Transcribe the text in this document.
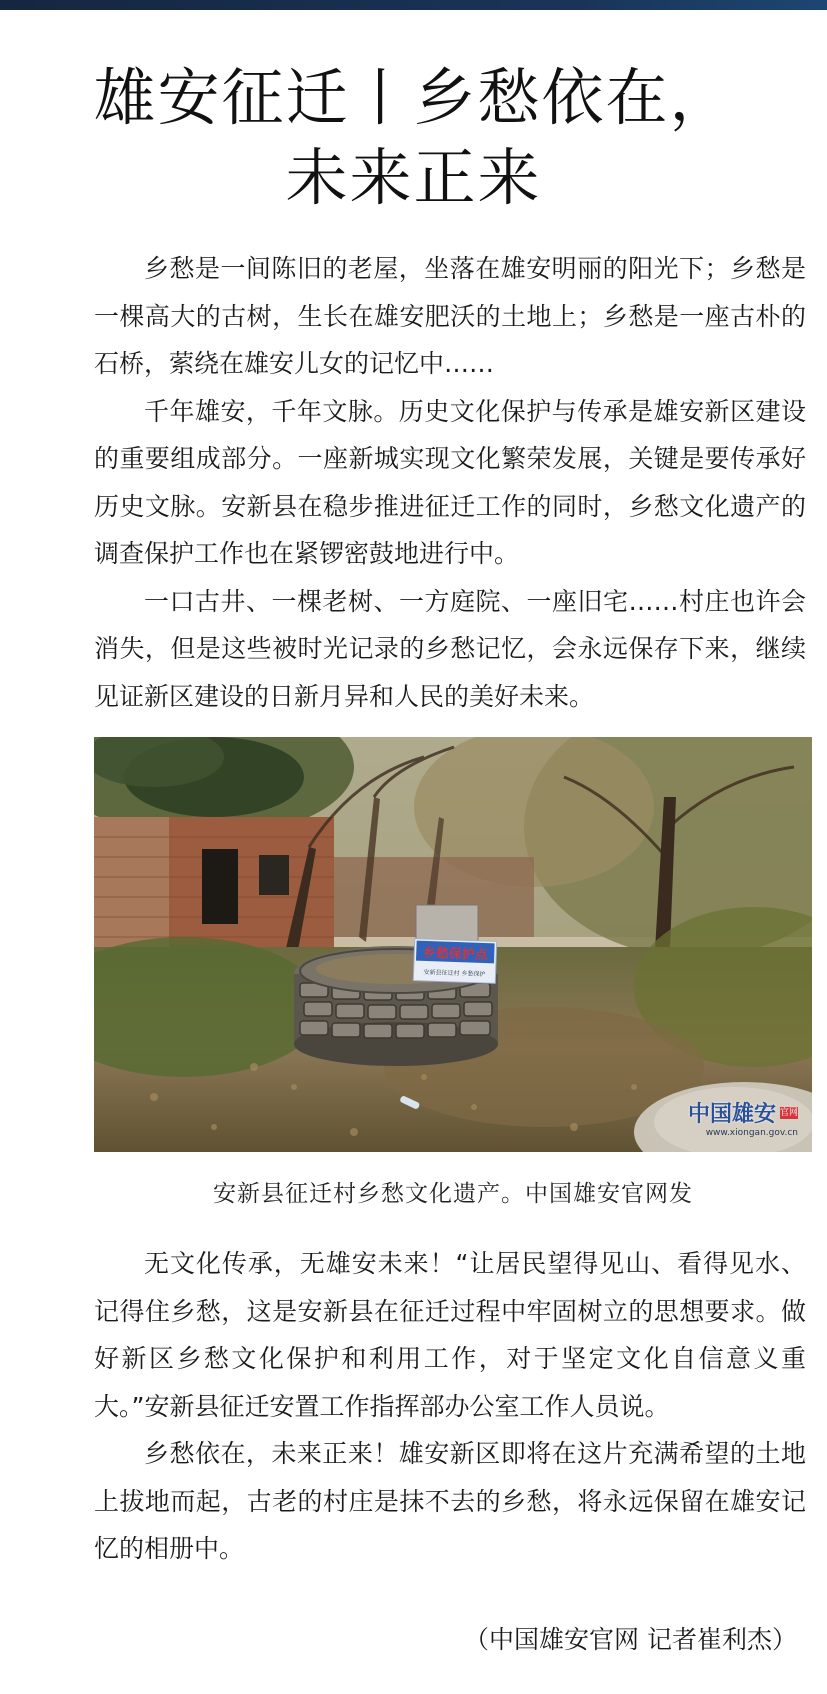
雄安征迁丨乡愁依在，
未来正来

乡愁是一间陈旧的老屋，坐落在雄安明丽的阳光下；乡愁是一棵高大的古树，生长在雄安肥沃的土地上；乡愁是一座古朴的石桥，萦绕在雄安儿女的记忆中……

千年雄安，千年文脉。历史文化保护与传承是雄安新区建设的重要组成部分。一座新城实现文化繁荣发展，关键是要传承好历史文脉。安新县在稳步推进征迁工作的同时，乡愁文化遗产的调查保护工作也在紧锣密鼓地进行中。

一口古井、一棵老树、一方庭院、一座旧宅……村庄也许会消失，但是这些被时光记录的乡愁记忆，会永远保存下来，继续见证新区建设的日新月异和人民的美好未来。

乡愁保护点
安新县征迁村 乡愁保护
中国雄安 官网
www.xiongan.gov.cn
安新县征迁村乡愁文化遗产。中国雄安官网发

无文化传承，无雄安未来！“让居民望得见山、看得见水、记得住乡愁，这是安新县在征迁过程中牢固树立的思想要求。做好新区乡愁文化保护和利用工作，对于坚定文化自信意义重大。”安新县征迁安置工作指挥部办公室工作人员说。

乡愁依在，未来正来！雄安新区即将在这片充满希望的土地上拔地而起，古老的村庄是抹不去的乡愁，将永远保留在雄安记忆的相册中。

（中国雄安官网 记者崔利杰）
